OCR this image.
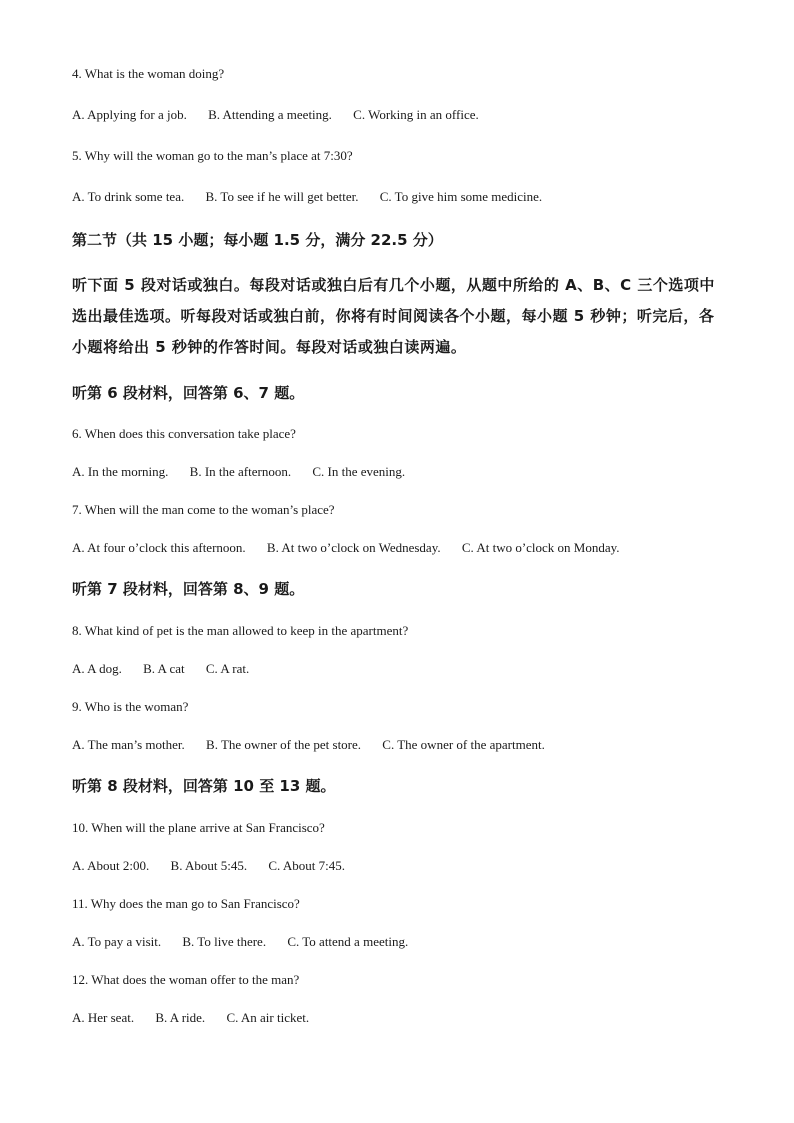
4. What is the woman doing?

A. Applying for a job. B. Attending a meeting. C. Working in an office.

5. Why will the woman go to the man’s place at 7:30?

A. To drink some tea. B. To see if he will get better. C. To give him some medicine.

第二节（共 15 小题；每小题 1.5 分，满分 22.5 分）

听下面 5 段对话或独白。每段对话或独白后有几个小题，从题中所给的 A、B、C 三个选项中选出最佳选项。听每段对话或独白前，你将有时间阅读各个小题，每小题 5 秒钟；听完后，各小题将给出 5 秒钟的作答时间。每段对话或独白读两遍。

听第 6 段材料，回答第 6、7 题。

6. When does this conversation take place?

A. In the morning. B. In the afternoon. C. In the evening.

7. When will the man come to the woman’s place?

A. At four o’clock this afternoon. B. At two o’clock on Wednesday. C. At two o’clock on Monday.

听第 7 段材料，回答第 8、9 题。

8. What kind of pet is the man allowed to keep in the apartment?

A. A dog. B. A cat C. A rat.

9. Who is the woman?

A. The man’s mother. B. The owner of the pet store. C. The owner of the apartment.

听第 8 段材料，回答第 10 至 13 题。

10. When will the plane arrive at San Francisco?

A. About 2:00. B. About 5:45. C. About 7:45.

11. Why does the man go to San Francisco?

A. To pay a visit. B. To live there. C. To attend a meeting.

12. What does the woman offer to the man?

A. Her seat. B. A ride. C. An air ticket.
